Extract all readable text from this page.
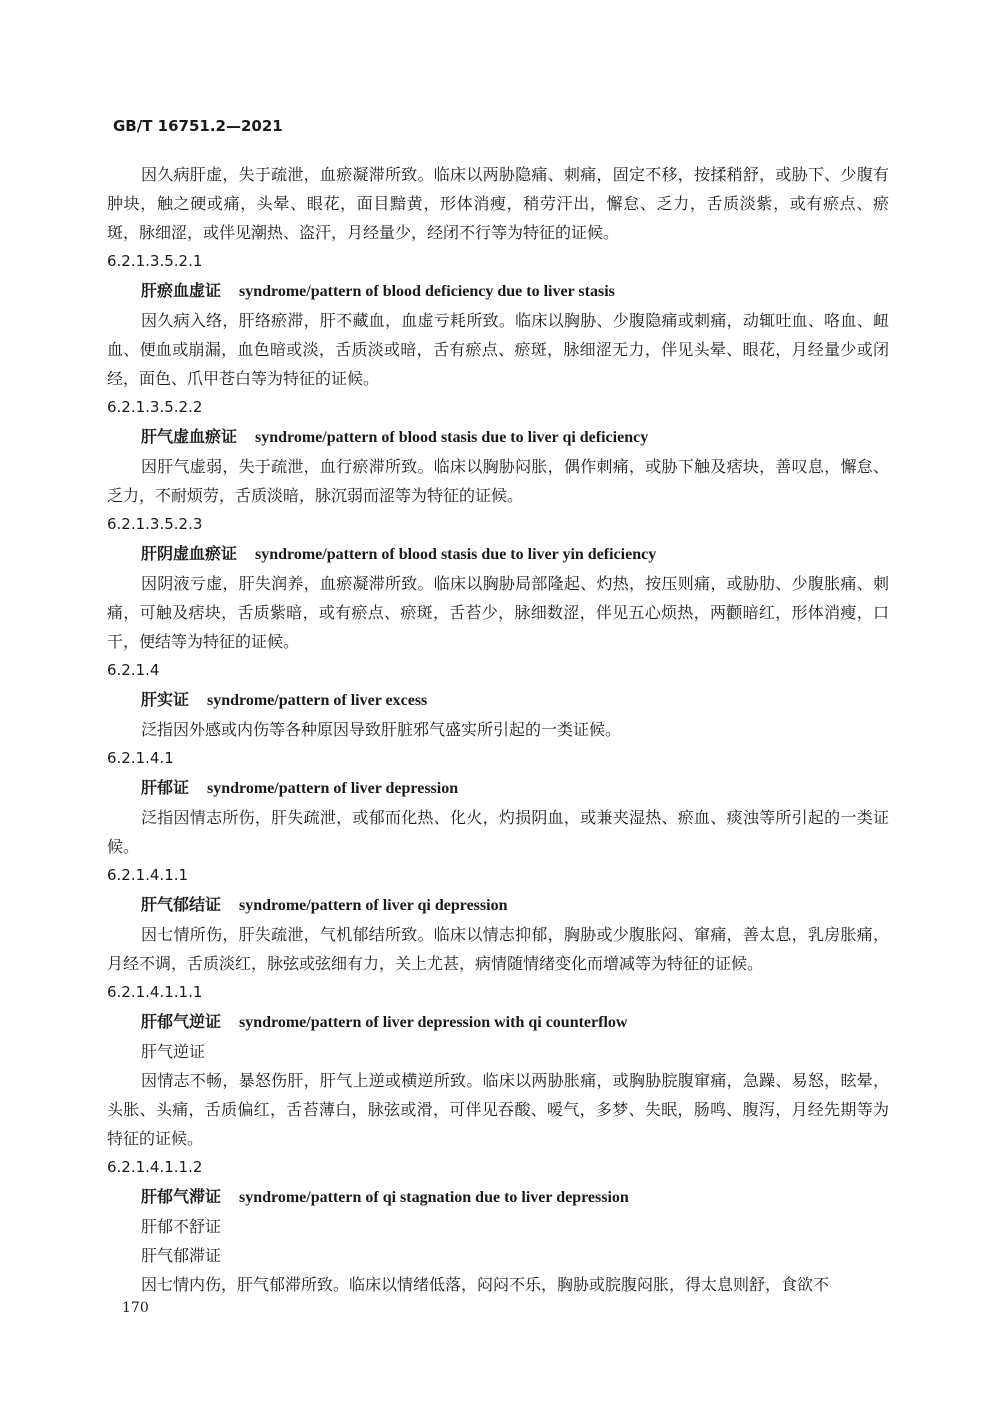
GB/T 16751.2—2021

因久病肝虚，失于疏泄，血瘀凝滞所致。临床以两胁隐痛、刺痛，固定不移，按揉稍舒，或胁下、少腹有肿块，触之硬或痛，头晕、眼花，面目黯黄，形体消瘦，稍劳汗出，懈怠、乏力，舌质淡紫，或有瘀点、瘀斑，脉细涩，或伴见潮热、盗汗，月经量少，经闭不行等为特征的证候。

6.2.1.3.5.2.1

肝瘀血虚证 syndrome/pattern of blood deficiency due to liver stasis

因久病入络，肝络瘀滞，肝不藏血，血虚亏耗所致。临床以胸胁、少腹隐痛或刺痛，动辄吐血、咯血、衄血、便血或崩漏，血色暗或淡，舌质淡或暗，舌有瘀点、瘀斑，脉细涩无力，伴见头晕、眼花，月经量少或闭经，面色、爪甲苍白等为特征的证候。

6.2.1.3.5.2.2

肝气虚血瘀证 syndrome/pattern of blood stasis due to liver qi deficiency

因肝气虚弱，失于疏泄，血行瘀滞所致。临床以胸胁闷胀，偶作刺痛，或胁下触及痞块，善叹息，懈怠、乏力，不耐烦劳，舌质淡暗，脉沉弱而涩等为特征的证候。

6.2.1.3.5.2.3

肝阴虚血瘀证 syndrome/pattern of blood stasis due to liver yin deficiency

因阴液亏虚，肝失润养，血瘀凝滞所致。临床以胸胁局部隆起、灼热，按压则痛，或胁肋、少腹胀痛、刺痛，可触及痞块，舌质紫暗，或有瘀点、瘀斑，舌苔少，脉细数涩，伴见五心烦热，两颧暗红，形体消瘦，口干，便结等为特征的证候。

6.2.1.4

肝实证 syndrome/pattern of liver excess

泛指因外感或内伤等各种原因导致肝脏邪气盛实所引起的一类证候。

6.2.1.4.1

肝郁证 syndrome/pattern of liver depression

泛指因情志所伤，肝失疏泄，或郁而化热、化火，灼损阴血，或兼夹湿热、瘀血、痰浊等所引起的一类证候。

6.2.1.4.1.1

肝气郁结证 syndrome/pattern of liver qi depression

因七情所伤，肝失疏泄，气机郁结所致。临床以情志抑郁，胸胁或少腹胀闷、窜痛，善太息，乳房胀痛，月经不调，舌质淡红，脉弦或弦细有力，关上尤甚，病情随情绪变化而增减等为特征的证候。

6.2.1.4.1.1.1

肝郁气逆证 syndrome/pattern of liver depression with qi counterflow

肝气逆证

因情志不畅，暴怒伤肝，肝气上逆或横逆所致。临床以两胁胀痛，或胸胁脘腹窜痛，急躁、易怒，眩晕，头胀、头痛，舌质偏红，舌苔薄白，脉弦或滑，可伴见吞酸、嗳气，多梦、失眠，肠鸣、腹泻，月经先期等为特征的证候。

6.2.1.4.1.1.2

肝郁气滞证 syndrome/pattern of qi stagnation due to liver depression

肝郁不舒证

肝气郁滞证

因七情内伤，肝气郁滞所致。临床以情绪低落，闷闷不乐，胸胁或脘腹闷胀，得太息则舒，食欲不

170
